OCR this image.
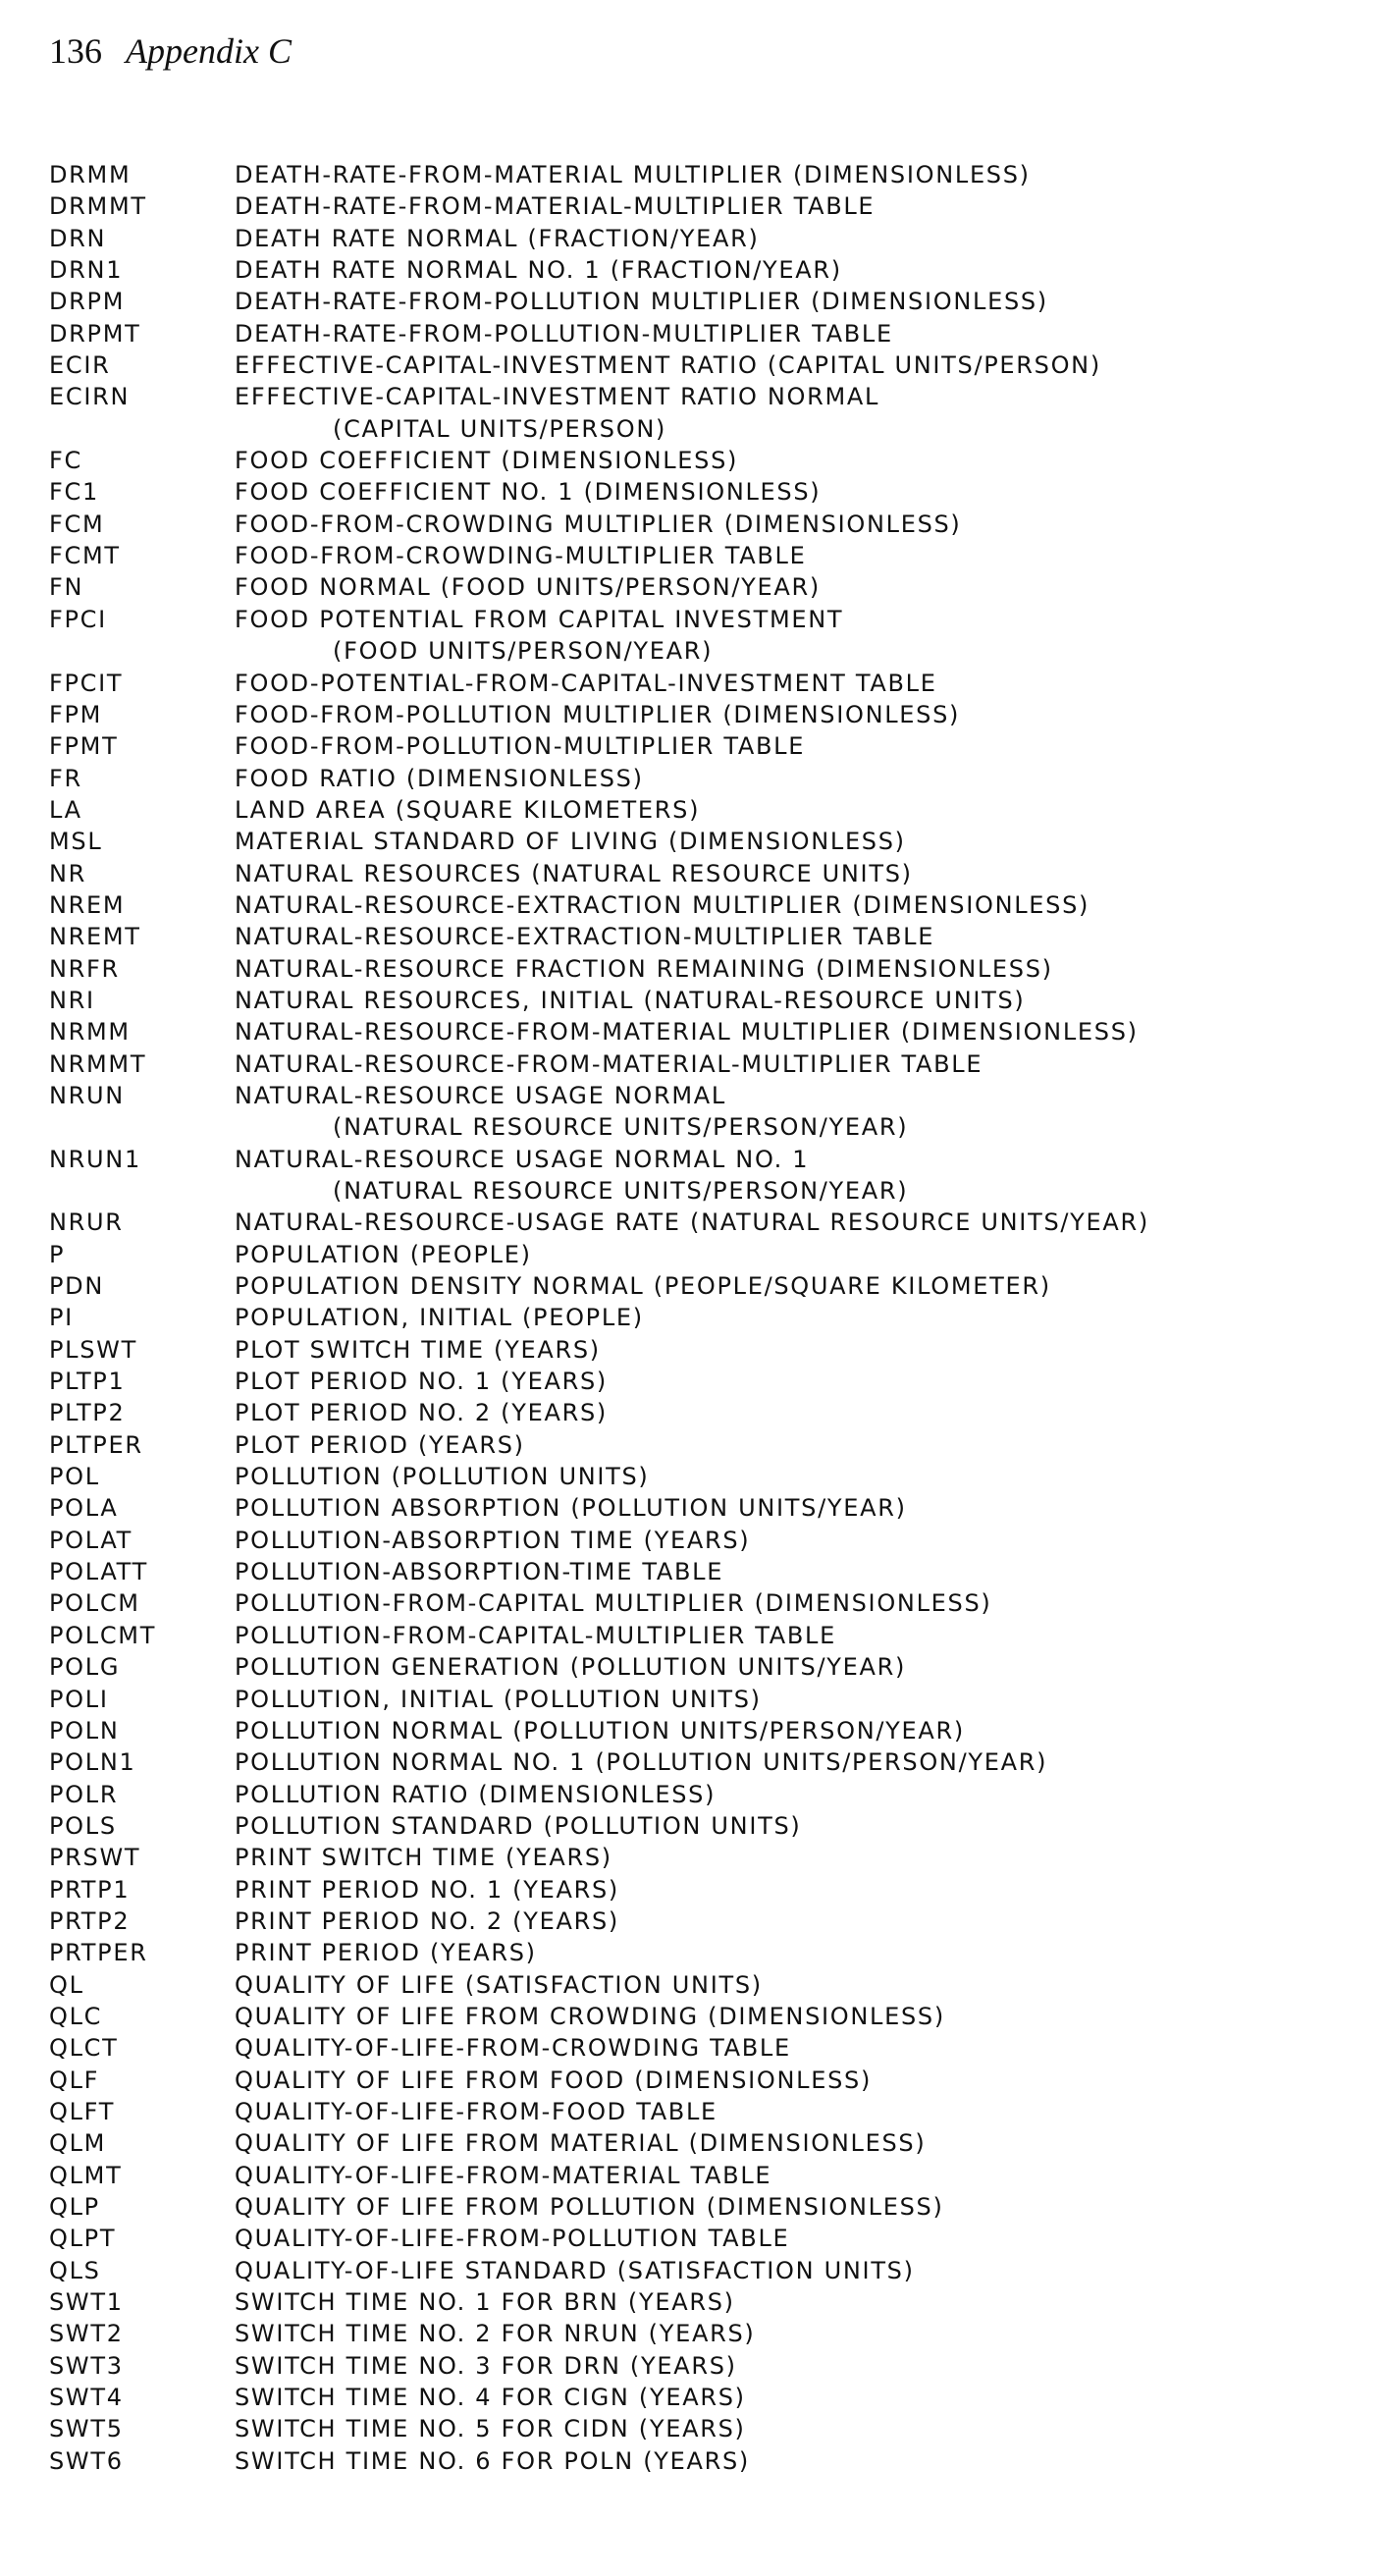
136 Appendix C
DRMM	DEATH-RATE-FROM-MATERIAL MULTIPLIER (DIMENSIONLESS)
DRMMT	DEATH-RATE-FROM-MATERIAL-MULTIPLIER TABLE
DRN	DEATH RATE NORMAL (FRACTION/YEAR)
DRN1	DEATH RATE NORMAL NO. 1 (FRACTION/YEAR)
DRPM	DEATH-RATE-FROM-POLLUTION MULTIPLIER (DIMENSIONLESS)
DRPMT	DEATH-RATE-FROM-POLLUTION-MULTIPLIER TABLE
ECIR	EFFECTIVE-CAPITAL-INVESTMENT RATIO (CAPITAL UNITS/PERSON)
ECIRN	EFFECTIVE-CAPITAL-INVESTMENT RATIO NORMAL
(CAPITAL UNITS/PERSON)
FC	FOOD COEFFICIENT (DIMENSIONLESS)
FC1	FOOD COEFFICIENT NO. 1 (DIMENSIONLESS)
FCM	FOOD-FROM-CROWDING MULTIPLIER (DIMENSIONLESS)
FCMT	FOOD-FROM-CROWDING-MULTIPLIER TABLE
FN	FOOD NORMAL (FOOD UNITS/PERSON/YEAR)
FPCI	FOOD POTENTIAL FROM CAPITAL INVESTMENT
(FOOD UNITS/PERSON/YEAR)
FPCIT	FOOD-POTENTIAL-FROM-CAPITAL-INVESTMENT TABLE
FPM	FOOD-FROM-POLLUTION MULTIPLIER (DIMENSIONLESS)
FPMT	FOOD-FROM-POLLUTION-MULTIPLIER TABLE
FR	FOOD RATIO (DIMENSIONLESS)
LA	LAND AREA (SQUARE KILOMETERS)
MSL	MATERIAL STANDARD OF LIVING (DIMENSIONLESS)
NR	NATURAL RESOURCES (NATURAL RESOURCE UNITS)
NREM	NATURAL-RESOURCE-EXTRACTION MULTIPLIER (DIMENSIONLESS)
NREMT	NATURAL-RESOURCE-EXTRACTION-MULTIPLIER TABLE
NRFR	NATURAL-RESOURCE FRACTION REMAINING (DIMENSIONLESS)
NRI	NATURAL RESOURCES, INITIAL (NATURAL-RESOURCE UNITS)
NRMM	NATURAL-RESOURCE-FROM-MATERIAL MULTIPLIER (DIMENSIONLESS)
NRMMT	NATURAL-RESOURCE-FROM-MATERIAL-MULTIPLIER TABLE
NRUN	NATURAL-RESOURCE USAGE NORMAL
(NATURAL RESOURCE UNITS/PERSON/YEAR)
NRUN1	NATURAL-RESOURCE USAGE NORMAL NO. 1
(NATURAL RESOURCE UNITS/PERSON/YEAR)
NRUR	NATURAL-RESOURCE-USAGE RATE (NATURAL RESOURCE UNITS/YEAR)
P	POPULATION (PEOPLE)
PDN	POPULATION DENSITY NORMAL (PEOPLE/SQUARE KILOMETER)
PI	POPULATION, INITIAL (PEOPLE)
PLSWT	PLOT SWITCH TIME (YEARS)
PLTP1	PLOT PERIOD NO. 1 (YEARS)
PLTP2	PLOT PERIOD NO. 2 (YEARS)
PLTPER	PLOT PERIOD (YEARS)
POL	POLLUTION (POLLUTION UNITS)
POLA	POLLUTION ABSORPTION (POLLUTION UNITS/YEAR)
POLAT	POLLUTION-ABSORPTION TIME (YEARS)
POLATT	POLLUTION-ABSORPTION-TIME TABLE
POLCM	POLLUTION-FROM-CAPITAL MULTIPLIER (DIMENSIONLESS)
POLCMT	POLLUTION-FROM-CAPITAL-MULTIPLIER TABLE
POLG	POLLUTION GENERATION (POLLUTION UNITS/YEAR)
POLI	POLLUTION, INITIAL (POLLUTION UNITS)
POLN	POLLUTION NORMAL (POLLUTION UNITS/PERSON/YEAR)
POLN1	POLLUTION NORMAL NO. 1 (POLLUTION UNITS/PERSON/YEAR)
POLR	POLLUTION RATIO (DIMENSIONLESS)
POLS	POLLUTION STANDARD (POLLUTION UNITS)
PRSWT	PRINT SWITCH TIME (YEARS)
PRTP1	PRINT PERIOD NO. 1 (YEARS)
PRTP2	PRINT PERIOD NO. 2 (YEARS)
PRTPER	PRINT PERIOD (YEARS)
QL	QUALITY OF LIFE (SATISFACTION UNITS)
QLC	QUALITY OF LIFE FROM CROWDING (DIMENSIONLESS)
QLCT	QUALITY-OF-LIFE-FROM-CROWDING TABLE
QLF	QUALITY OF LIFE FROM FOOD (DIMENSIONLESS)
QLFT	QUALITY-OF-LIFE-FROM-FOOD TABLE
QLM	QUALITY OF LIFE FROM MATERIAL (DIMENSIONLESS)
QLMT	QUALITY-OF-LIFE-FROM-MATERIAL TABLE
QLP	QUALITY OF LIFE FROM POLLUTION (DIMENSIONLESS)
QLPT	QUALITY-OF-LIFE-FROM-POLLUTION TABLE
QLS	QUALITY-OF-LIFE STANDARD (SATISFACTION UNITS)
SWT1	SWITCH TIME NO. 1 FOR BRN (YEARS)
SWT2	SWITCH TIME NO. 2 FOR NRUN (YEARS)
SWT3	SWITCH TIME NO. 3 FOR DRN (YEARS)
SWT4	SWITCH TIME NO. 4 FOR CIGN (YEARS)
SWT5	SWITCH TIME NO. 5 FOR CIDN (YEARS)
SWT6	SWITCH TIME NO. 6 FOR POLN (YEARS)
